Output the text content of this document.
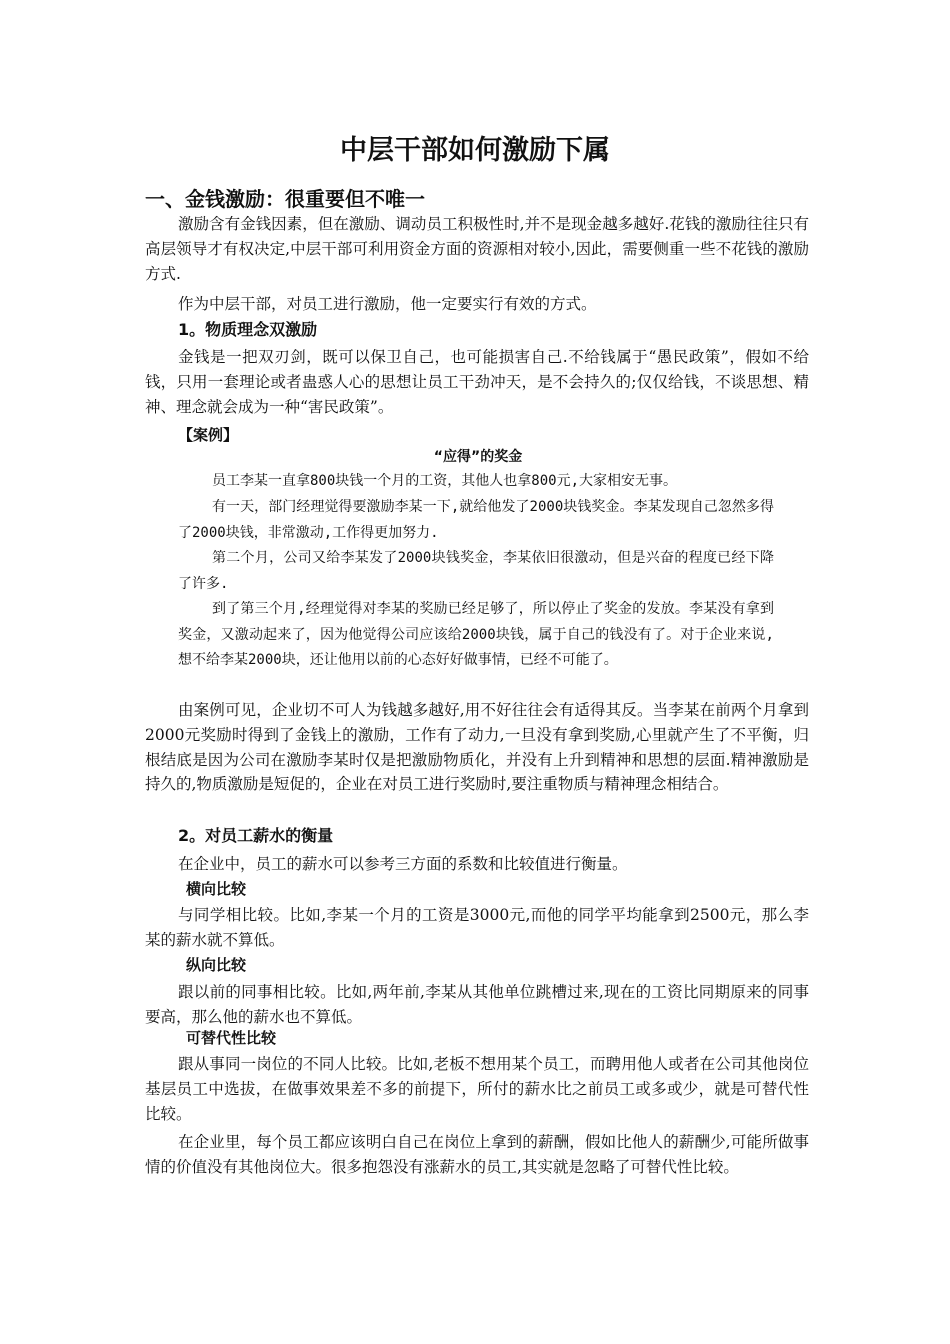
中层干部如何激励下属
一、金钱激励：很重要但不唯一
激励含有金钱因素，但在激励、调动员工积极性时,并不是现金越多越好.花钱的激励往往只有高层领导才有权决定,中层干部可利用资金方面的资源相对较小,因此，需要侧重一些不花钱的激励方式.
作为中层干部，对员工进行激励，他一定要实行有效的方式。
1。物质理念双激励
金钱是一把双刃剑，既可以保卫自己，也可能损害自己.不给钱属于“愚民政策”，假如不给钱，只用一套理论或者蛊惑人心的思想让员工干劲冲天，是不会持久的;仅仅给钱，不谈思想、精神、理念就会成为一种“害民政策”。
【案例】
“应得”的奖金
员工李某一直拿800块钱一个月的工资，其他人也拿800元,大家相安无事。
有一天，部门经理觉得要激励李某一下,就给他发了2000块钱奖金。李某发现自己忽然多得了2000块钱，非常激动,工作得更加努力.
第二个月，公司又给李某发了2000块钱奖金，李某依旧很激动，但是兴奋的程度已经下降了许多.
到了第三个月,经理觉得对李某的奖励已经足够了，所以停止了奖金的发放。李某没有拿到奖金，又激动起来了，因为他觉得公司应该给2000块钱，属于自己的钱没有了。对于企业来说,想不给李某2000块，还让他用以前的心态好好做事情，已经不可能了。
由案例可见，企业切不可人为钱越多越好,用不好往往会有适得其反。当李某在前两个月拿到2000元奖励时得到了金钱上的激励，工作有了动力,一旦没有拿到奖励,心里就产生了不平衡，归根结底是因为公司在激励李某时仅是把激励物质化，并没有上升到精神和思想的层面.精神激励是持久的,物质激励是短促的，企业在对员工进行奖励时,要注重物质与精神理念相结合。
2。对员工薪水的衡量
在企业中，员工的薪水可以参考三方面的系数和比较值进行衡量。
横向比较
与同学相比较。比如,李某一个月的工资是3000元,而他的同学平均能拿到2500元，那么李某的薪水就不算低。
纵向比较
跟以前的同事相比较。比如,两年前,李某从其他单位跳槽过来,现在的工资比同期原来的同事要高，那么他的薪水也不算低。
可替代性比较
跟从事同一岗位的不同人比较。比如,老板不想用某个员工，而聘用他人或者在公司其他岗位基层员工中选拔，在做事效果差不多的前提下，所付的薪水比之前员工或多或少，就是可替代性比较。
在企业里，每个员工都应该明白自己在岗位上拿到的薪酬，假如比他人的薪酬少,可能所做事情的价值没有其他岗位大。很多抱怨没有涨薪水的员工,其实就是忽略了可替代性比较。
